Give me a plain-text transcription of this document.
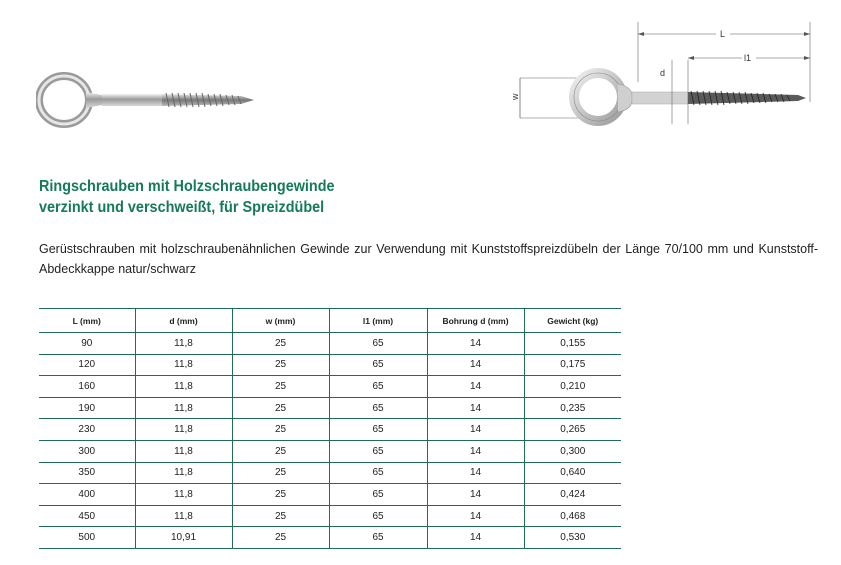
w
d
L
l1
Ringschrauben mit Holzschraubengewinde
verzinkt und verschweißt, für Spreizdübel

Gerüstschrauben mit holzschraubenähnlichen Gewinde zur Verwendung mit Kunststoffspreizdübeln der Länge 70/100 mm und Kunststoff-Abdeckkappe natur/schwarz

L (mm)	d (mm)	w (mm)	l1 (mm)	Bohrung d (mm)	Gewicht (kg)
90	11,8	25	65	14	0,155
120	11,8	25	65	14	0,175
160	11,8	25	65	14	0,210
190	11,8	25	65	14	0,235
230	11,8	25	65	14	0,265
300	11,8	25	65	14	0,300
350	11,8	25	65	14	0,640
400	11,8	25	65	14	0,424
450	11,8	25	65	14	0,468
500	10,91	25	65	14	0,530
